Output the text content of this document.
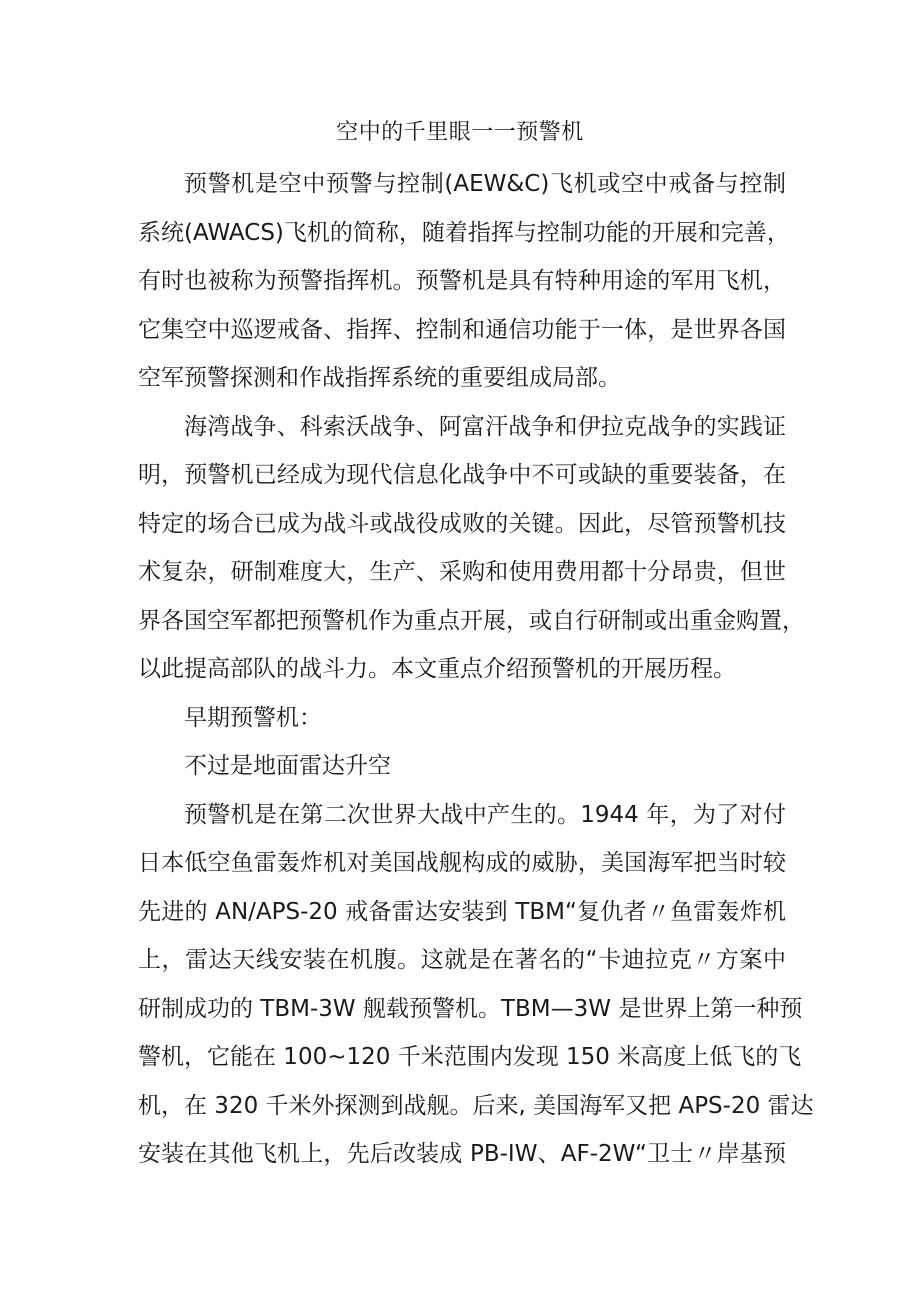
空中的千里眼一一预警机
预警机是空中预警与控制(AEW&C)飞机或空中戒备与控制
系统(AWACS)飞机的简称，随着指挥与控制功能的开展和完善，
有时也被称为预警指挥机。预警机是具有特种用途的军用飞机，
它集空中巡逻戒备、指挥、控制和通信功能于一体，是世界各国
空军预警探测和作战指挥系统的重要组成局部。
海湾战争、科索沃战争、阿富汗战争和伊拉克战争的实践证
明，预警机已经成为现代信息化战争中不可或缺的重要装备，在
特定的场合已成为战斗或战役成败的关键。因此，尽管预警机技
术复杂，研制难度大，生产、采购和使用费用都十分昂贵，但世
界各国空军都把预警机作为重点开展，或自行研制或出重金购置，
以此提高部队的战斗力。本文重点介绍预警机的开展历程。
早期预警机：
不过是地面雷达升空
预警机是在第二次世界大战中产生的。1944 年，为了对付
日本低空鱼雷轰炸机对美国战舰构成的威胁，美国海军把当时较
先进的 AN/APS-20 戒备雷达安装到 TBM“复仇者〃鱼雷轰炸机
上，雷达天线安装在机腹。这就是在著名的“卡迪拉克〃方案中
研制成功的 TBM-3W 舰载预警机。TBM—3W 是世界上第一种预
警机，它能在 100~120 千米范围内发现 150 米高度上低飞的飞
机，在 320 千米外探测到战舰。后来, 美国海军又把 APS-20 雷达
安装在其他飞机上，先后改装成 PB-IW、AF-2W“卫士〃岸基预
